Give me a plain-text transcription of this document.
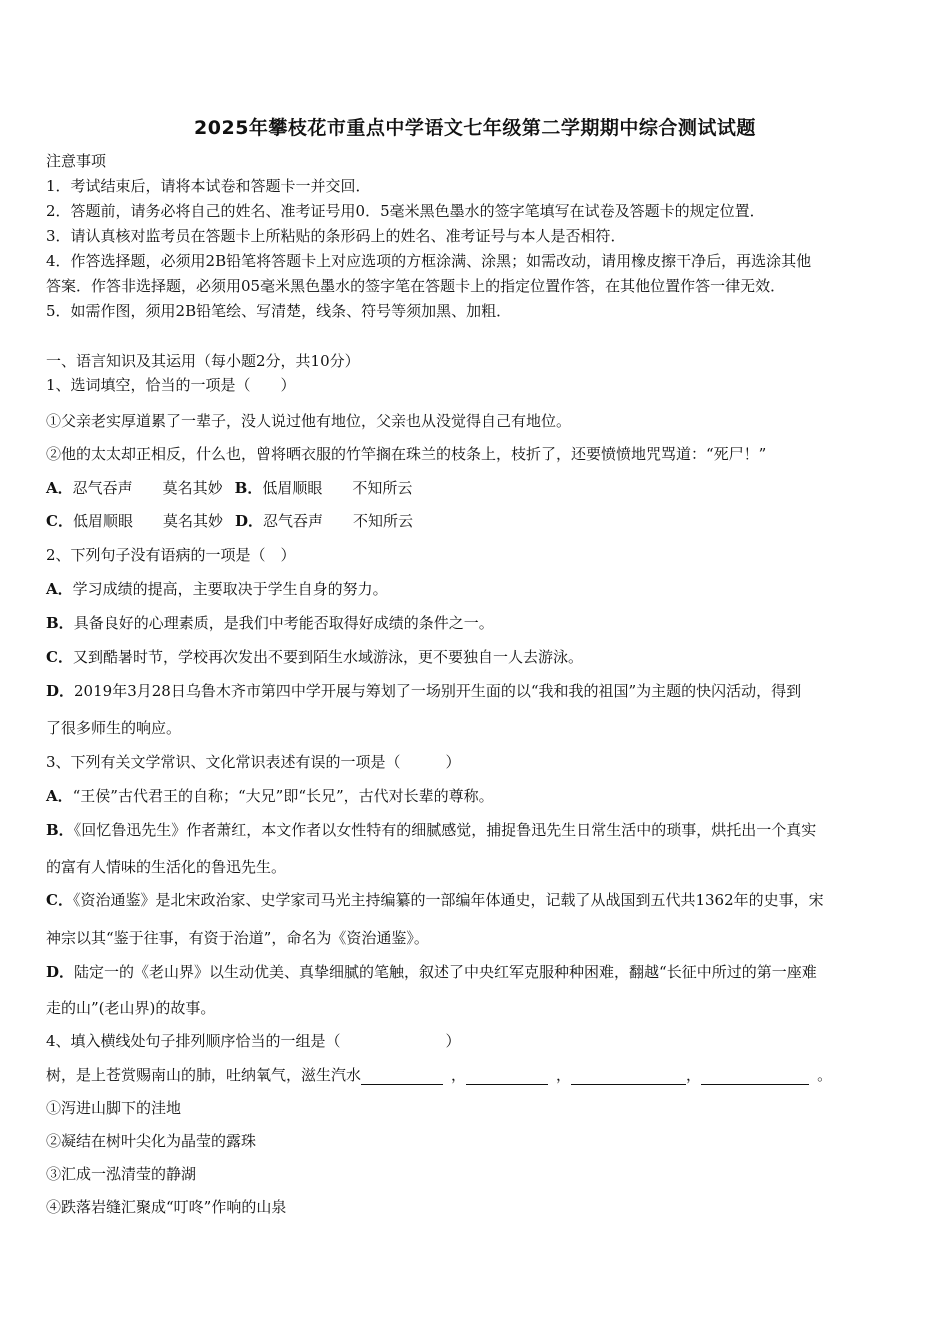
2025年攀枝花市重点中学语文七年级第二学期期中综合测试试题
注意事项
1．考试结束后，请将本试卷和答题卡一并交回．
2．答题前，请务必将自己的姓名、准考证号用0．5毫米黑色墨水的签字笔填写在试卷及答题卡的规定位置．
3．请认真核对监考员在答题卡上所粘贴的条形码上的姓名、准考证号与本人是否相符．
4．作答选择题，必须用2B铅笔将答题卡上对应选项的方框涂满、涂黑；如需改动，请用橡皮擦干净后，再选涂其他
答案．作答非选择题，必须用05毫米黑色墨水的签字笔在答题卡上的指定位置作答，在其他位置作答一律无效．
5．如需作图，须用2B铅笔绘、写清楚，线条、符号等须加黑、加粗．
一、语言知识及其运用（每小题2分，共10分）
1、选词填空，恰当的一项是（　　）
①父亲老实厚道累了一辈子，没人说过他有地位，父亲也从没觉得自己有地位。
②他的太太却正相反，什么也，曾将晒衣服的竹竿搁在珠兰的枝条上，枝折了，还要愤愤地咒骂道：“死尸！”
A．忍气吞声　　莫名其妙 B．低眉顺眼　　不知所云
C．低眉顺眼　　莫名其妙 D．忍气吞声　　不知所云
2、下列句子没有语病的一项是（　）
A．学习成绩的提高，主要取决于学生自身的努力。
B．具备良好的心理素质，是我们中考能否取得好成绩的条件之一。
C．又到酷暑时节，学校再次发出不要到陌生水域游泳，更不要独自一人去游泳。
D．2019年3月28日乌鲁木齐市第四中学开展与筹划了一场别开生面的以“我和我的祖国”为主题的快闪活动，得到
了很多师生的响应。
3、下列有关文学常识、文化常识表述有误的一项是（　　　）
A．“王侯”古代君王的自称；“大兄”即“长兄”，古代对长辈的尊称。
B．《回忆鲁迅先生》作者萧红，本文作者以女性特有的细腻感觉，捕捉鲁迅先生日常生活中的琐事，烘托出一个真实
的富有人情味的生活化的鲁迅先生。
C．《资治通鉴》是北宋政治家、史学家司马光主持编纂的一部编年体通史，记载了从战国到五代共1362年的史事，宋
神宗以其“鉴于往事，有资于治道”，命名为《资治通鉴》。
D．陆定一的《老山界》以生动优美、真挚细腻的笔触，叙述了中央红军克服种种困难，翻越“长征中所过的第一座难
走的山”(老山界)的故事。
4、填入横线处句子排列顺序恰当的一组是（　　　　　　　）
树，是上苍赏赐南山的肺，吐纳氧气，滋生汽水	，	，	，	。
①泻进山脚下的洼地
②凝结在树叶尖化为晶莹的露珠
③汇成一泓清莹的静湖
④跌落岩缝汇聚成“叮咚”作响的山泉
